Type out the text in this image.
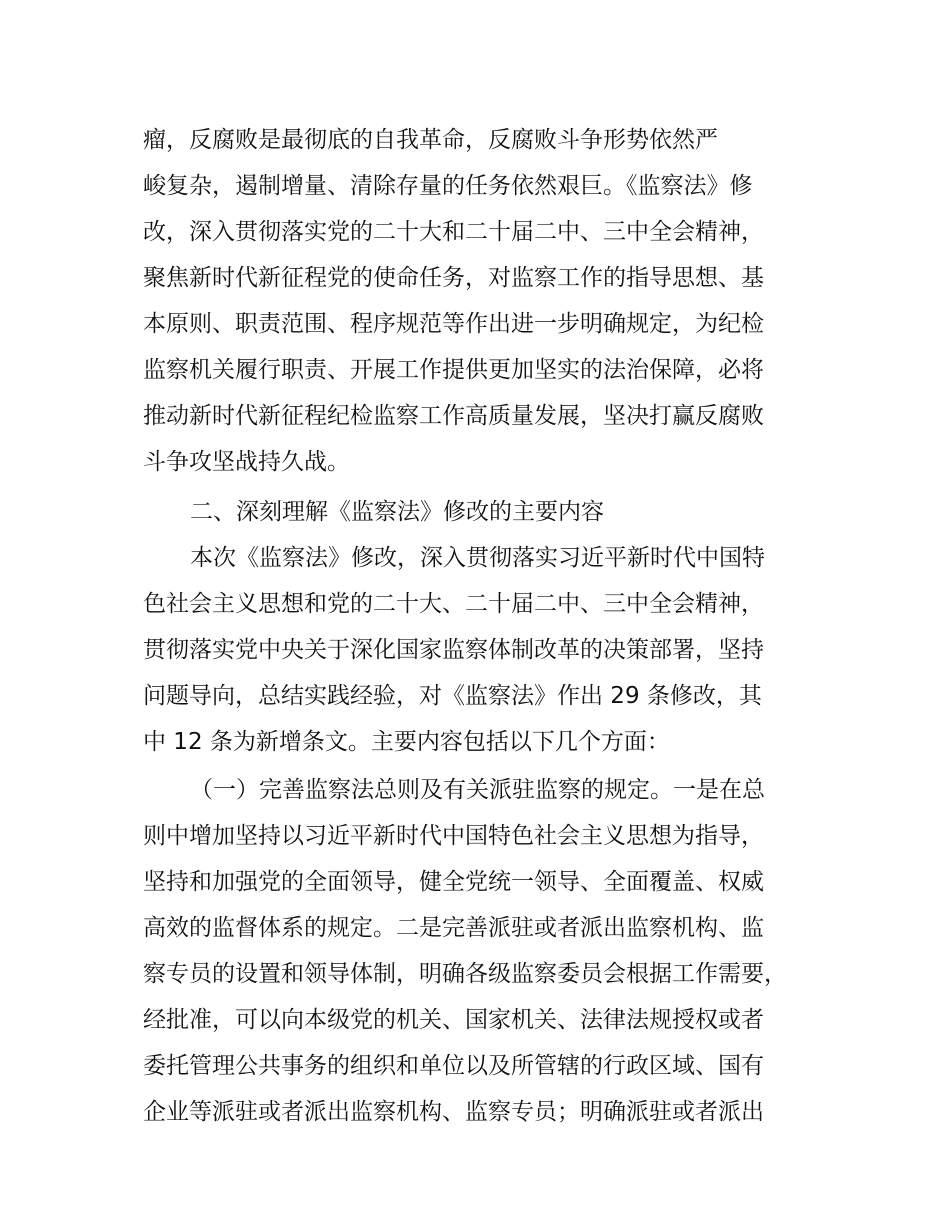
瘤，反腐败是最彻底的自我革命，反腐败斗争形势依然严
峻复杂，遏制增量、清除存量的任务依然艰巨。《监察法》修
改，深入贯彻落实党的二十大和二十届二中、三中全会精神，
聚焦新时代新征程党的使命任务，对监察工作的指导思想、基
本原则、职责范围、程序规范等作出进一步明确规定，为纪检
监察机关履行职责、开展工作提供更加坚实的法治保障，必将
推动新时代新征程纪检监察工作高质量发展，坚决打赢反腐败
斗争攻坚战持久战。
二、深刻理解《监察法》修改的主要内容
本次《监察法》修改，深入贯彻落实习近平新时代中国特
色社会主义思想和党的二十大、二十届二中、三中全会精神，
贯彻落实党中央关于深化国家监察体制改革的决策部署，坚持
问题导向，总结实践经验，对《监察法》作出 29 条修改，其
中 12 条为新增条文。主要内容包括以下几个方面：
（一）完善监察法总则及有关派驻监察的规定。一是在总
则中增加坚持以习近平新时代中国特色社会主义思想为指导，
坚持和加强党的全面领导，健全党统一领导、全面覆盖、权威
高效的监督体系的规定。二是完善派驻或者派出监察机构、监
察专员的设置和领导体制，明确各级监察委员会根据工作需要，
经批准，可以向本级党的机关、国家机关、法律法规授权或者
委托管理公共事务的组织和单位以及所管辖的行政区域、国有
企业等派驻或者派出监察机构、监察专员；明确派驻或者派出
